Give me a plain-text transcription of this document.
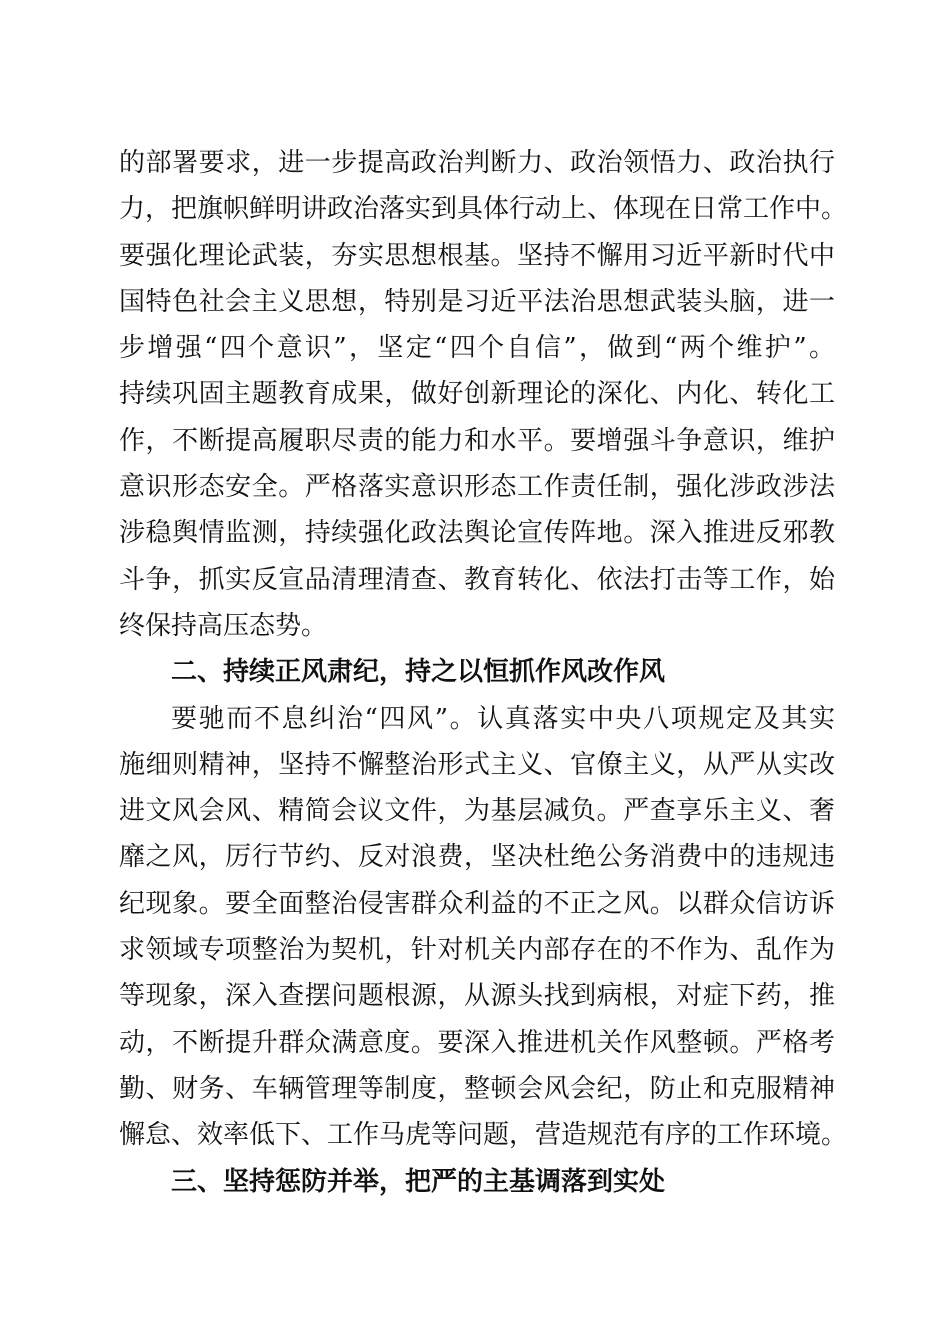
的部署要求，进一步提高政治判断力、政治领悟力、政治执行
力，把旗帜鲜明讲政治落实到具体行动上、体现在日常工作中。
要强化理论武装，夯实思想根基。坚持不懈用习近平新时代中
国特色社会主义思想，特别是习近平法治思想武装头脑，进一
步增强“四个意识”，坚定“四个自信”，做到“两个维护”。
持续巩固主题教育成果，做好创新理论的深化、内化、转化工
作，不断提高履职尽责的能力和水平。要增强斗争意识，维护
意识形态安全。严格落实意识形态工作责任制，强化涉政涉法
涉稳舆情监测，持续强化政法舆论宣传阵地。深入推进反邪教
斗争，抓实反宣品清理清查、教育转化、依法打击等工作，始
终保持高压态势。
二、持续正风肃纪，持之以恒抓作风改作风
要驰而不息纠治“四风”。认真落实中央八项规定及其实
施细则精神，坚持不懈整治形式主义、官僚主义，从严从实改
进文风会风、精简会议文件，为基层减负。严查享乐主义、奢
靡之风，厉行节约、反对浪费，坚决杜绝公务消费中的违规违
纪现象。要全面整治侵害群众利益的不正之风。以群众信访诉
求领域专项整治为契机，针对机关内部存在的不作为、乱作为
等现象，深入查摆问题根源，从源头找到病根，对症下药，推
动，不断提升群众满意度。要深入推进机关作风整顿。严格考
勤、财务、车辆管理等制度，整顿会风会纪，防止和克服精神
懈怠、效率低下、工作马虎等问题，营造规范有序的工作环境。
三、坚持惩防并举，把严的主基调落到实处
